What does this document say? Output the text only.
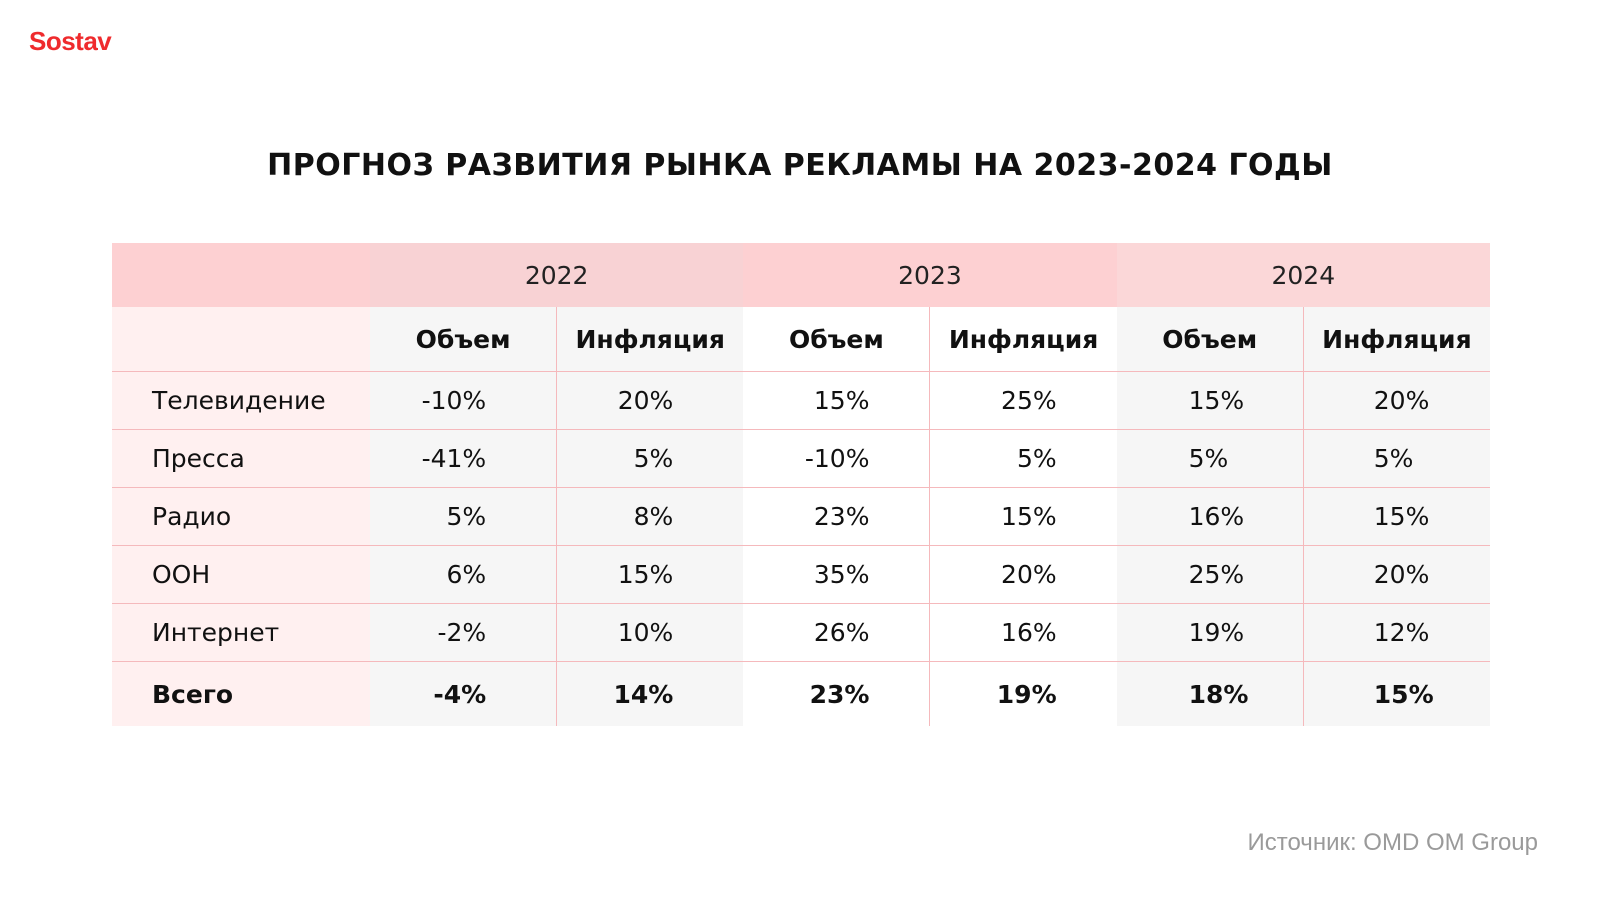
Sostav
ПРОГНОЗ РАЗВИТИЯ РЫНКА РЕКЛАМЫ НА 2023-2024 ГОДЫ
	2022		2023		2024	
	Объем	Инфляция	Объем	Инфляция	Объем	Инфляция
Телевидение	-10%	20%	15%	25%	15%	20%
Пресса	-41%	5%	-10%	5%	5%	5%
Радио	5%	8%	23%	15%	16%	15%
OOH	6%	15%	35%	20%	25%	20%
Интернет	-2%	10%	26%	16%	19%	12%
Всего	-4%	14%	23%	19%	18%	15%
Источник: OMD OM Group
